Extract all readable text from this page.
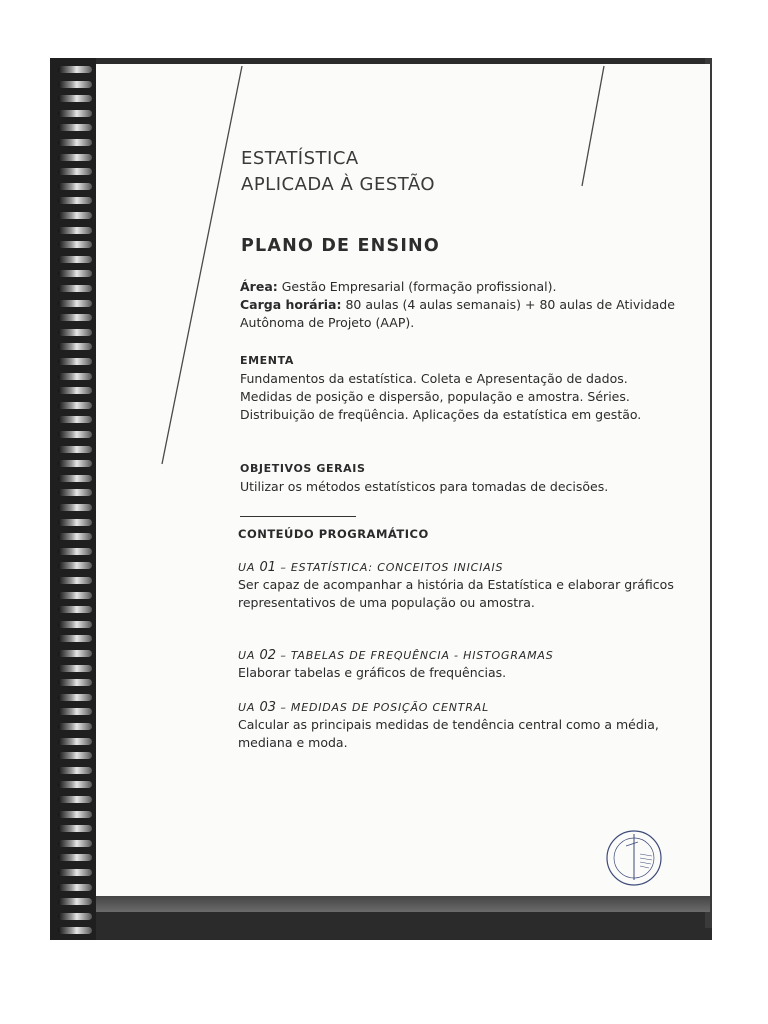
ESTATÍSTICA
APLICADA À GESTÃO
PLANO DE ENSINO
Área: Gestão Empresarial (formação profissional).
Carga horária: 80 aulas (4 aulas semanais) + 80 aulas de Atividade Autônoma de Projeto (AAP).
EMENTA
Fundamentos da estatística. Coleta e Apresentação de dados. Medidas de posição e dispersão, população e amostra. Séries. Distribuição de freqüência. Aplicações da estatística em gestão.
OBJETIVOS GERAIS
Utilizar os métodos estatísticos para tomadas de decisões.
CONTEÚDO PROGRAMÁTICO
UA 01 – ESTATÍSTICA: CONCEITOS INICIAIS
Ser capaz de acompanhar a história da Estatística e elaborar gráficos representativos de uma população ou amostra.
UA 02 – TABELAS DE FREQUÊNCIA - HISTOGRAMAS
Elaborar tabelas e gráficos de frequências.
UA 03 – MEDIDAS DE POSIÇÃO CENTRAL
Calcular as principais medidas de tendência central como a média, mediana e moda.
